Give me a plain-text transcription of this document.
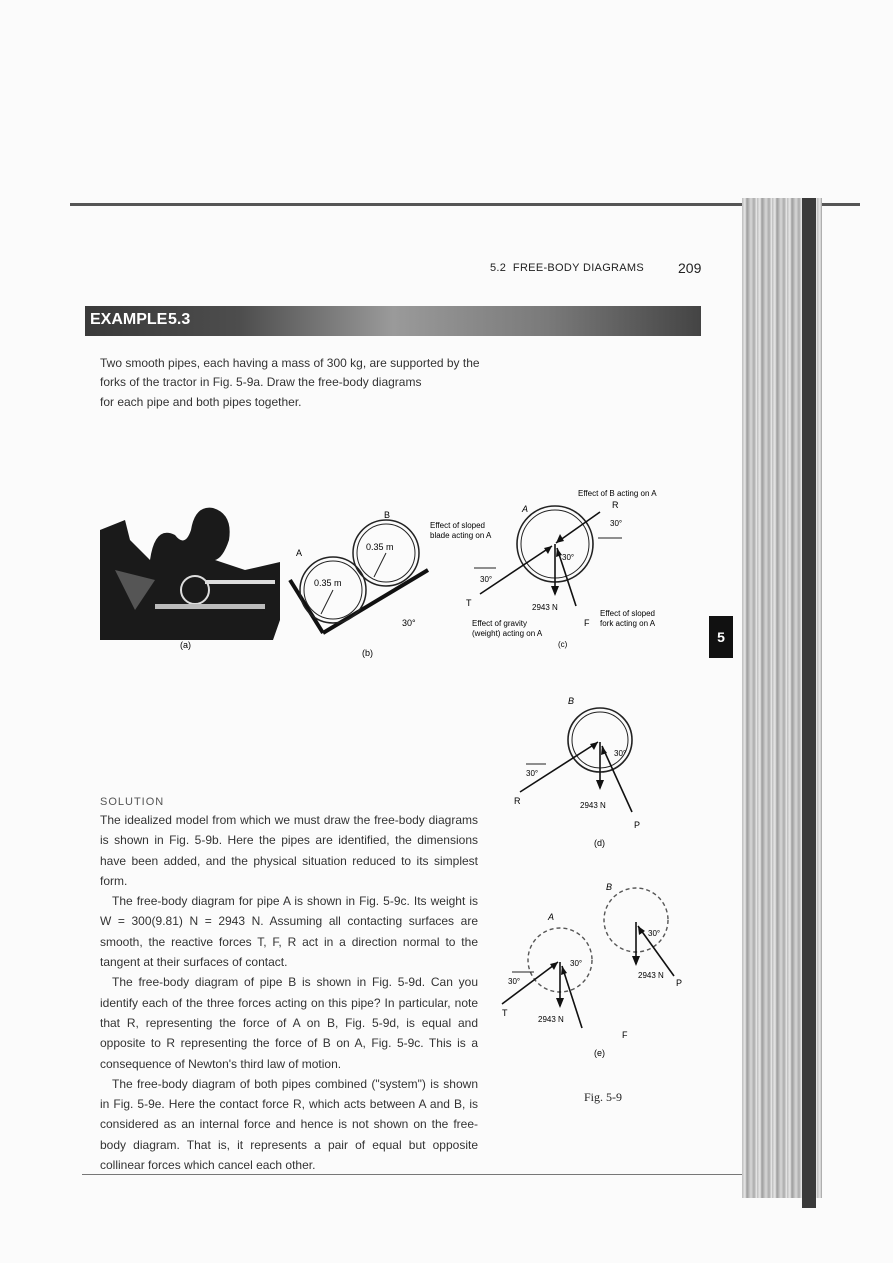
5.2 FREE-BODY DIAGRAMS 209
EXAMPLE 5.3
Two smooth pipes, each having a mass of 300 kg, are supported by the
forks of the tractor in Fig. 5-9a. Draw the free-body diagrams
for each pipe and both pipes together.
(a)
A
B
0.35 m
0.35 m
30°
(b)
30°
30°
30°
A
Effect of B acting on A
Effect of sloped blade acting on A
R
T
F
2943 N
Effect of gravity (weight) acting on A
Effect of sloped fork acting on A
(c)
30°
30°
B
R
P
2943 N
(d)
30°
30°
30°
A
B
T
F
P
2943 N
2943 N
(e)
Fig. 5-9
SOLUTION

The idealized model from which we must draw the free-body diagrams is shown in Fig. 5-9b. Here the pipes are identified, the dimensions have been added, and the physical situation reduced to its simplest form.

The free-body diagram for pipe A is shown in Fig. 5-9c. Its weight is W = 300(9.81) N = 2943 N. Assuming all contacting surfaces are smooth, the reactive forces T, F, R act in a direction normal to the tangent at their surfaces of contact.

The free-body diagram of pipe B is shown in Fig. 5-9d. Can you identify each of the three forces acting on this pipe? In particular, note that R, representing the force of A on B, Fig. 5-9d, is equal and opposite to R representing the force of B on A, Fig. 5-9c. This is a consequence of Newton's third law of motion.

The free-body diagram of both pipes combined ("system") is shown in Fig. 5-9e. Here the contact force R, which acts between A and B, is considered as an internal force and hence is not shown on the free-body diagram. That is, it represents a pair of equal but opposite collinear forces which cancel each other.

5
